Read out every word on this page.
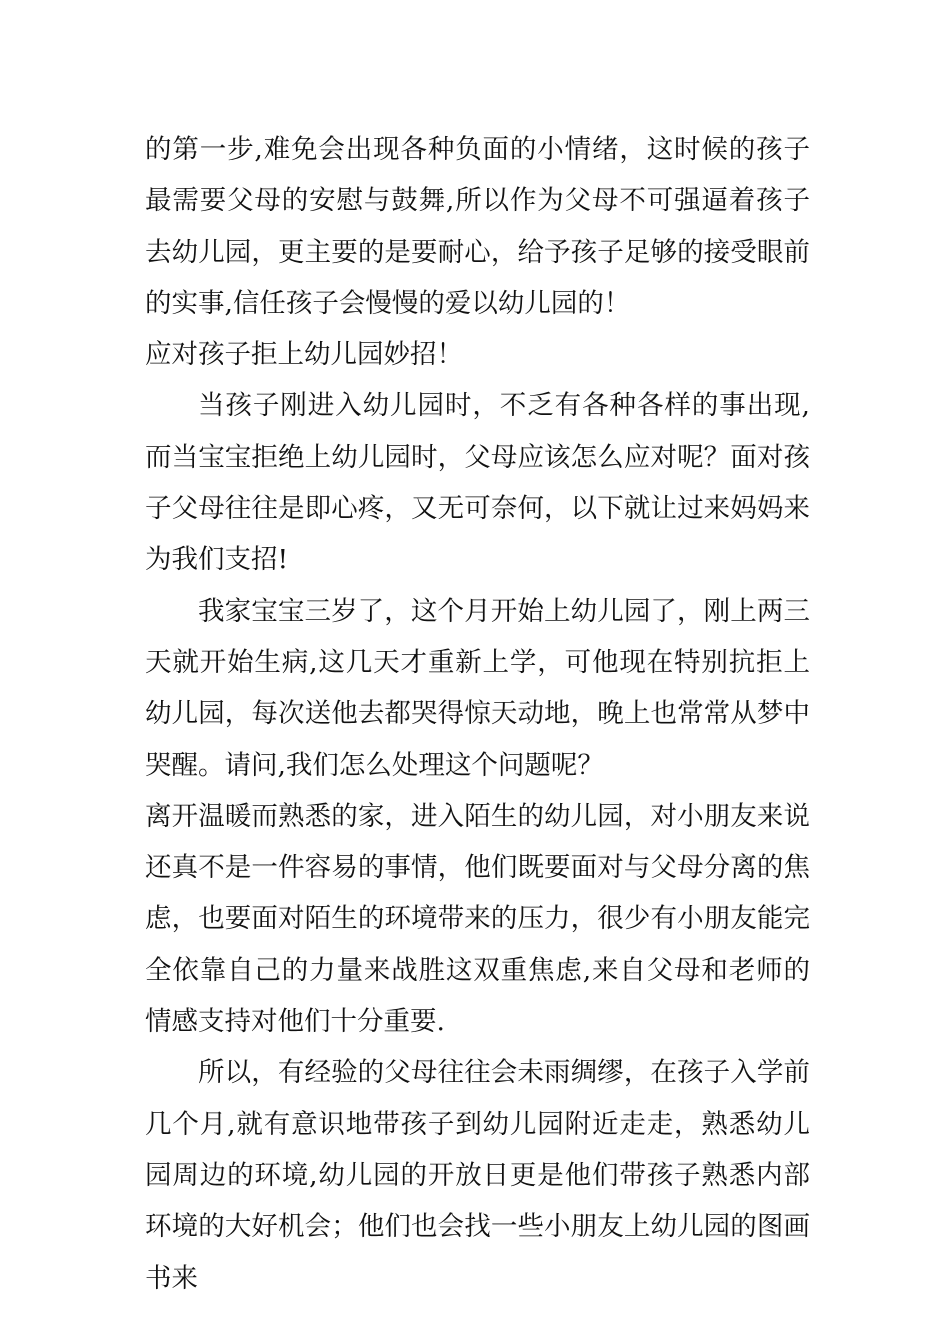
的第一步,难免会出现各种负面的小情绪，这时候的孩子最需要父母的安慰与鼓舞,所以作为父母不可强逼着孩子去幼儿园，更主要的是要耐心，给予孩子足够的接受眼前的实事,信任孩子会慢慢的爱以幼儿园的！

应对孩子拒上幼儿园妙招！

当孩子刚进入幼儿园时，不乏有各种各样的事出现,而当宝宝拒绝上幼儿园时，父母应该怎么应对呢？面对孩子父母往往是即心疼，又无可奈何，以下就让过来妈妈来为我们支招!

我家宝宝三岁了，这个月开始上幼儿园了，刚上两三天就开始生病,这几天才重新上学，可他现在特别抗拒上幼儿园，每次送他去都哭得惊天动地，晚上也常常从梦中哭醒。请问,我们怎么处理这个问题呢？

离开温暖而熟悉的家，进入陌生的幼儿园，对小朋友来说还真不是一件容易的事情，他们既要面对与父母分离的焦虑，也要面对陌生的环境带来的压力，很少有小朋友能完全依靠自己的力量来战胜这双重焦虑,来自父母和老师的情感支持对他们十分重要.

所以，有经验的父母往往会未雨绸缪，在孩子入学前几个月,就有意识地带孩子到幼儿园附近走走，熟悉幼儿园周边的环境,幼儿园的开放日更是他们带孩子熟悉内部环境的大好机会；他们也会找一些小朋友上幼儿园的图画书来
